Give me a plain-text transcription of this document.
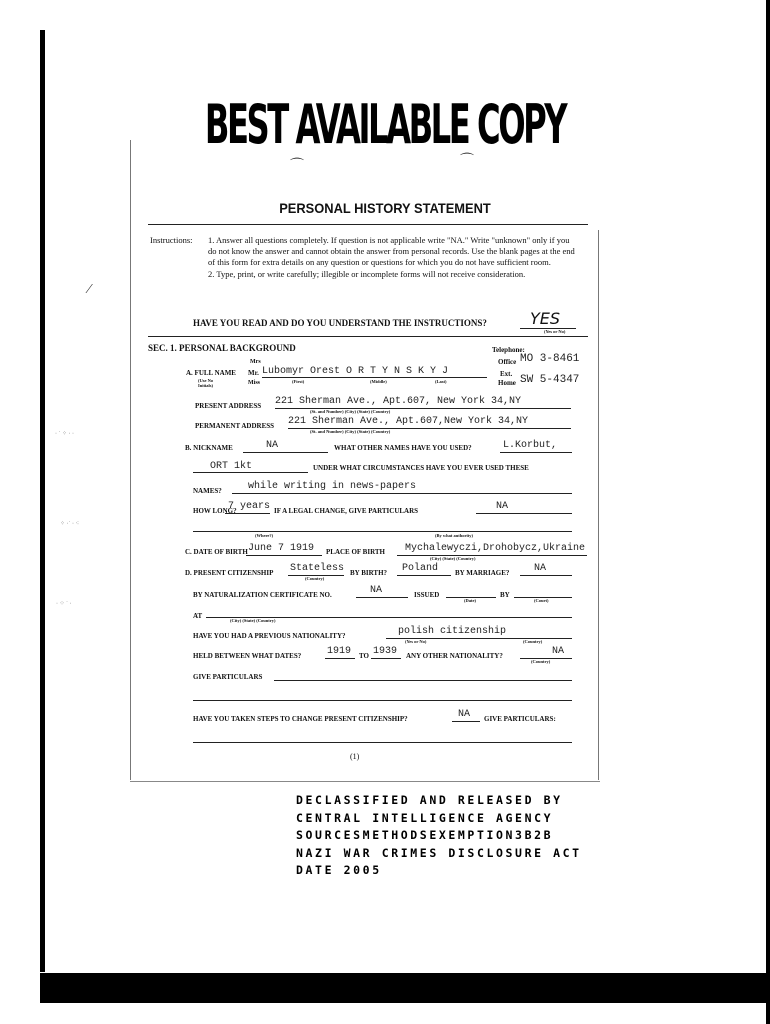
· ˙ ⁘ · ·
⁘ ·˙ · ⁖
· ⁘ ˙ ·
⁄
BEST AVAILABLE COPY
⌒	⌒
PERSONAL HISTORY STATEMENT
Instructions:	1. Answer all questions completely. If question is not applicable write "NA." Write "unknown" only if you do not know the answer and cannot obtain the answer from personal records. Use the blank pages at the end of this form for extra details on any question or questions for which you do not have sufficient room.

2. Type, print, or write carefully; illegible or incomplete forms will not receive consideration.

HAVE YOU READ AND DO YOU UNDERSTAND THE INSTRUCTIONS?	YES
(Yes or No)
SEC. 1. PERSONAL BACKGROUND	Telephone:
Office MO 3-8461
Ext.
Home SW 5-4347
A. FULL NAME
Mrs
Mr.
Miss
(Use No Initials)
Lubomyr Orest O R T Y N S K Y J
(First)	(Middle)	(Last)
PRESENT ADDRESS 221 Sherman Ave., Apt.607, New York 34,NY
(St. and Number) (City) (State) (Country)
PERMANENT ADDRESS 221 Sherman Ave., Apt.607,New York 34,NY
(St. and Number) (City) (State) (Country)
B. NICKNAME	NA	WHAT OTHER NAMES HAVE YOU USED?	L.Korbut,
ORT 1kt	UNDER WHAT CIRCUMSTANCES HAVE YOU EVER USED THESE
NAMES?	while writing in news-papers
HOW LONG?
7 years IF A LEGAL CHANGE, GIVE PARTICULARS	NA
(Where?)	(By what authority)
C. DATE OF BIRTH June 7 1919 PLACE OF BIRTH Mychalewyczi,Drohobycz,Ukraine
(City) (State) (Country)
D. PRESENT CITIZENSHIP Stateless
(Country)
BY BIRTH? Poland BY MARRIAGE? NA
BY NATURALIZATION CERTIFICATE NO.	NA	ISSUED
(Date)
BY
(Court)
AT
(City) (State) (Country)
HAVE YOU HAD A PREVIOUS NATIONALITY?	polish citizenship
(Yes or No)	(Country)
HELD BETWEEN WHAT DATES?	1919 TO 1939 ANY OTHER NATIONALITY?	NA
(Country)
GIVE PARTICULARS
HAVE YOU TAKEN STEPS TO CHANGE PRESENT CITIZENSHIP?	NA GIVE PARTICULARS:
(1)
DECLASSIFIED AND RELEASED BY
CENTRAL INTELLIGENCE AGENCY
SOURCESMETHODSEXEMPTION3B2B
NAZI WAR CRIMES DISCLOSURE ACT
DATE 2005
